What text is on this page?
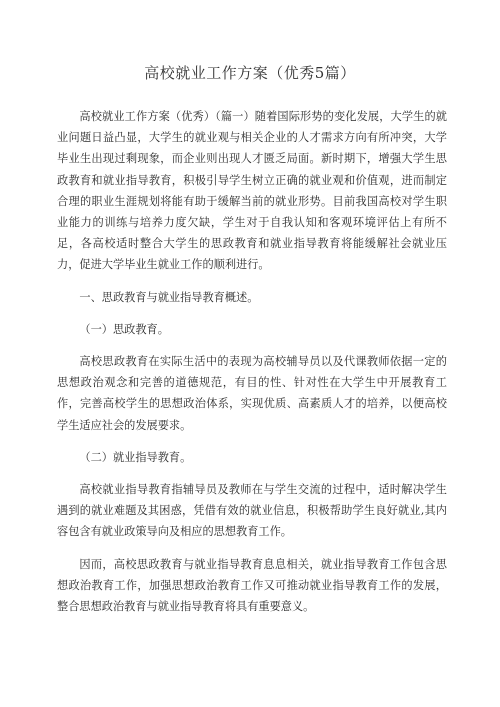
高校就业工作方案（优秀5篇）

高校就业工作方案（优秀）（篇一）随着国际形势的变化发展，大学生的就业问题日益凸显，大学生的就业观与相关企业的人才需求方向有所冲突，大学毕业生出现过剩现象，而企业则出现人才匮乏局面。新时期下，增强大学生思政教育和就业指导教育，积极引导学生树立正确的就业观和价值观，进而制定合理的职业生涯规划将能有助于缓解当前的就业形势。目前我国高校对学生职业能力的训练与培养力度欠缺，学生对于自我认知和客观环境评估上有所不足，各高校适时整合大学生的思政教育和就业指导教育将能缓解社会就业压力，促进大学毕业生就业工作的顺利进行。

一、思政教育与就业指导教育概述。

（一）思政教育。

高校思政教育在实际生活中的表现为高校辅导员以及代课教师依据一定的思想政治观念和完善的道德规范，有目的性、针对性在大学生中开展教育工作，完善高校学生的思想政治体系，实现优质、高素质人才的培养，以便高校学生适应社会的发展要求。

（二）就业指导教育。

高校就业指导教育指辅导员及教师在与学生交流的过程中，适时解决学生遇到的就业难题及其困惑，凭借有效的就业信息，积极帮助学生良好就业,其内容包含有就业政策导向及相应的思想教育工作。

因而，高校思政教育与就业指导教育息息相关，就业指导教育工作包含思想政治教育工作，加强思想政治教育工作又可推动就业指导教育工作的发展，整合思想政治教育与就业指导教育将具有重要意义。
